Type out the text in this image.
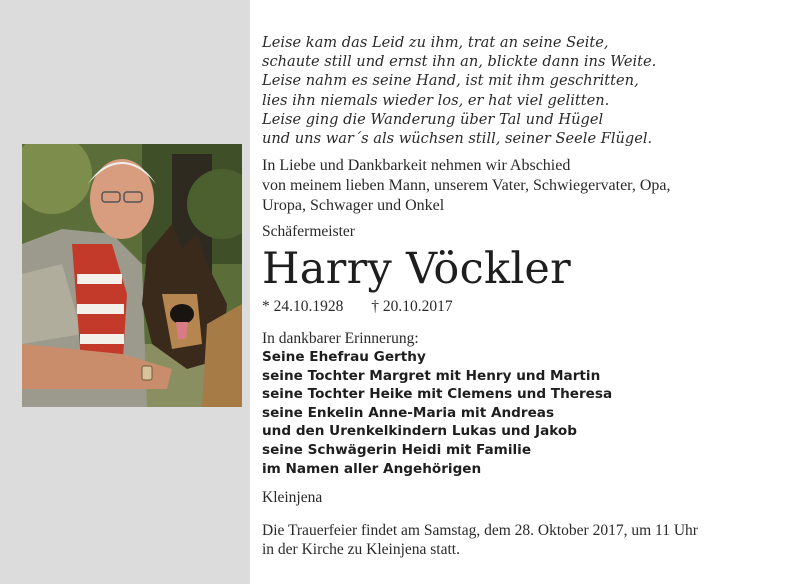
Leise kam das Leid zu ihm, trat an seine Seite,
schaute still und ernst ihn an, blickte dann ins Weite.
Leise nahm es seine Hand, ist mit ihm geschritten,
lies ihn niemals wieder los, er hat viel gelitten.
Leise ging die Wanderung über Tal und Hügel
und uns war´s als wüchsen still, seiner Seele Flügel.
In Liebe und Dankbarkeit nehmen wir Abschied
von meinem lieben Mann, unserem Vater, Schwiegervater, Opa,
Uropa, Schwager und Onkel
Schäfermeister
Harry Vöckler
* 24.10.1928 † 20.10.2017
In dankbarer Erinnerung:
Seine Ehefrau Gerthy
seine Tochter Margret mit Henry und Martin
seine Tochter Heike mit Clemens und Theresa
seine Enkelin Anne-Maria mit Andreas
und den Urenkelkindern Lukas und Jakob
seine Schwägerin Heidi mit Familie
im Namen aller Angehörigen
Kleinjena
Die Trauerfeier findet am Samstag, dem 28. Oktober 2017, um 11 Uhr
in der Kirche zu Kleinjena statt.
